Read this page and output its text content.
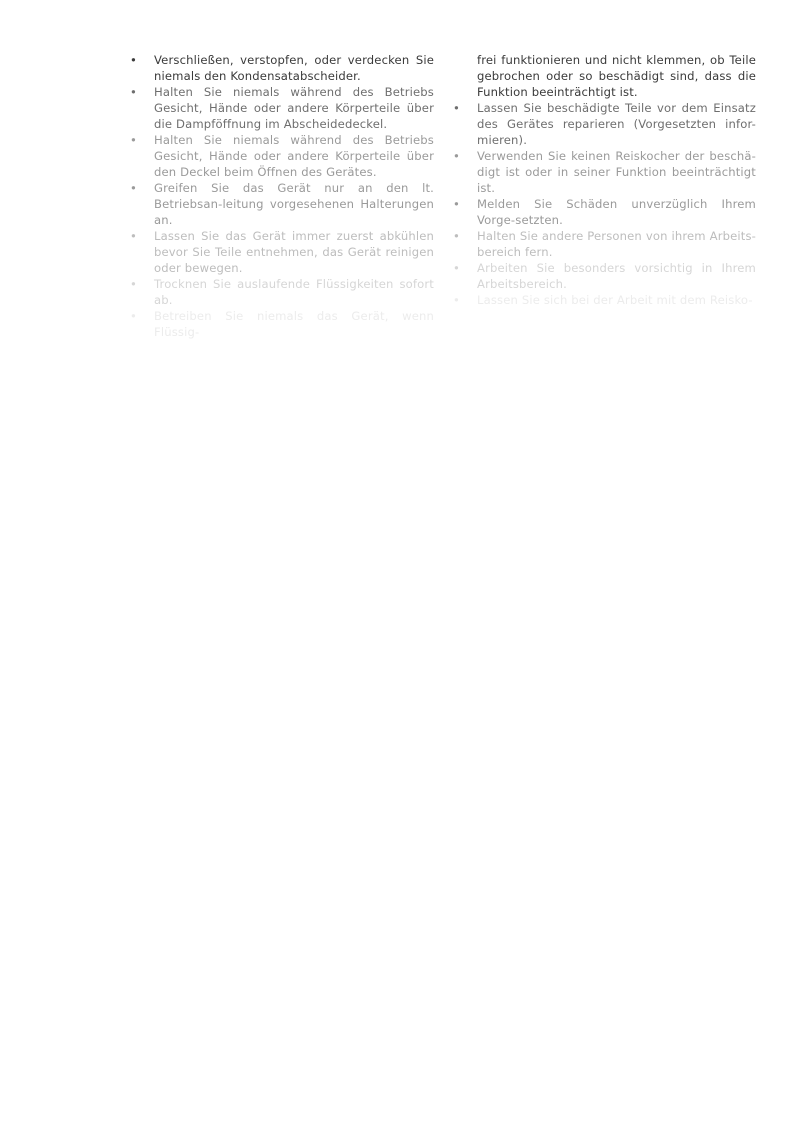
• Verschließen, verstopfen, oder verdecken Sie niemals den Kondensatabscheider.
• Halten Sie niemals während des Betriebs Gesicht, Hände oder andere Körperteile über die Dampföffnung im Abscheidedeckel.
• Halten Sie niemals während des Betriebs Gesicht, Hände oder andere Körperteile über den Deckel beim Öffnen des Gerätes.
• Greifen Sie das Gerät nur an den lt. Betriebsan-leitung vorgesehenen Halterungen an.
• Lassen Sie das Gerät immer zuerst abkühlen bevor Sie Teile entnehmen, das Gerät reinigen oder bewegen.
• Trocknen Sie auslaufende Flüssigkeiten sofort ab.
• Betreiben Sie niemals das Gerät, wenn Flüssig-
frei funktionieren und nicht klemmen, ob Teile gebrochen oder so beschädigt sind, dass die Funktion beeinträchtigt ist.
• Lassen Sie beschädigte Teile vor dem Einsatz des Gerätes reparieren (Vorgesetzten infor-mieren).
• Verwenden Sie keinen Reiskocher der beschä-digt ist oder in seiner Funktion beeinträchtigt ist.
• Melden Sie Schäden unverzüglich Ihrem Vorge-setzten.
• Halten Sie andere Personen von ihrem Arbeits-bereich fern.
• Arbeiten Sie besonders vorsichtig in Ihrem Arbeitsbereich.
• Lassen Sie sich bei der Arbeit mit dem Reisko-
